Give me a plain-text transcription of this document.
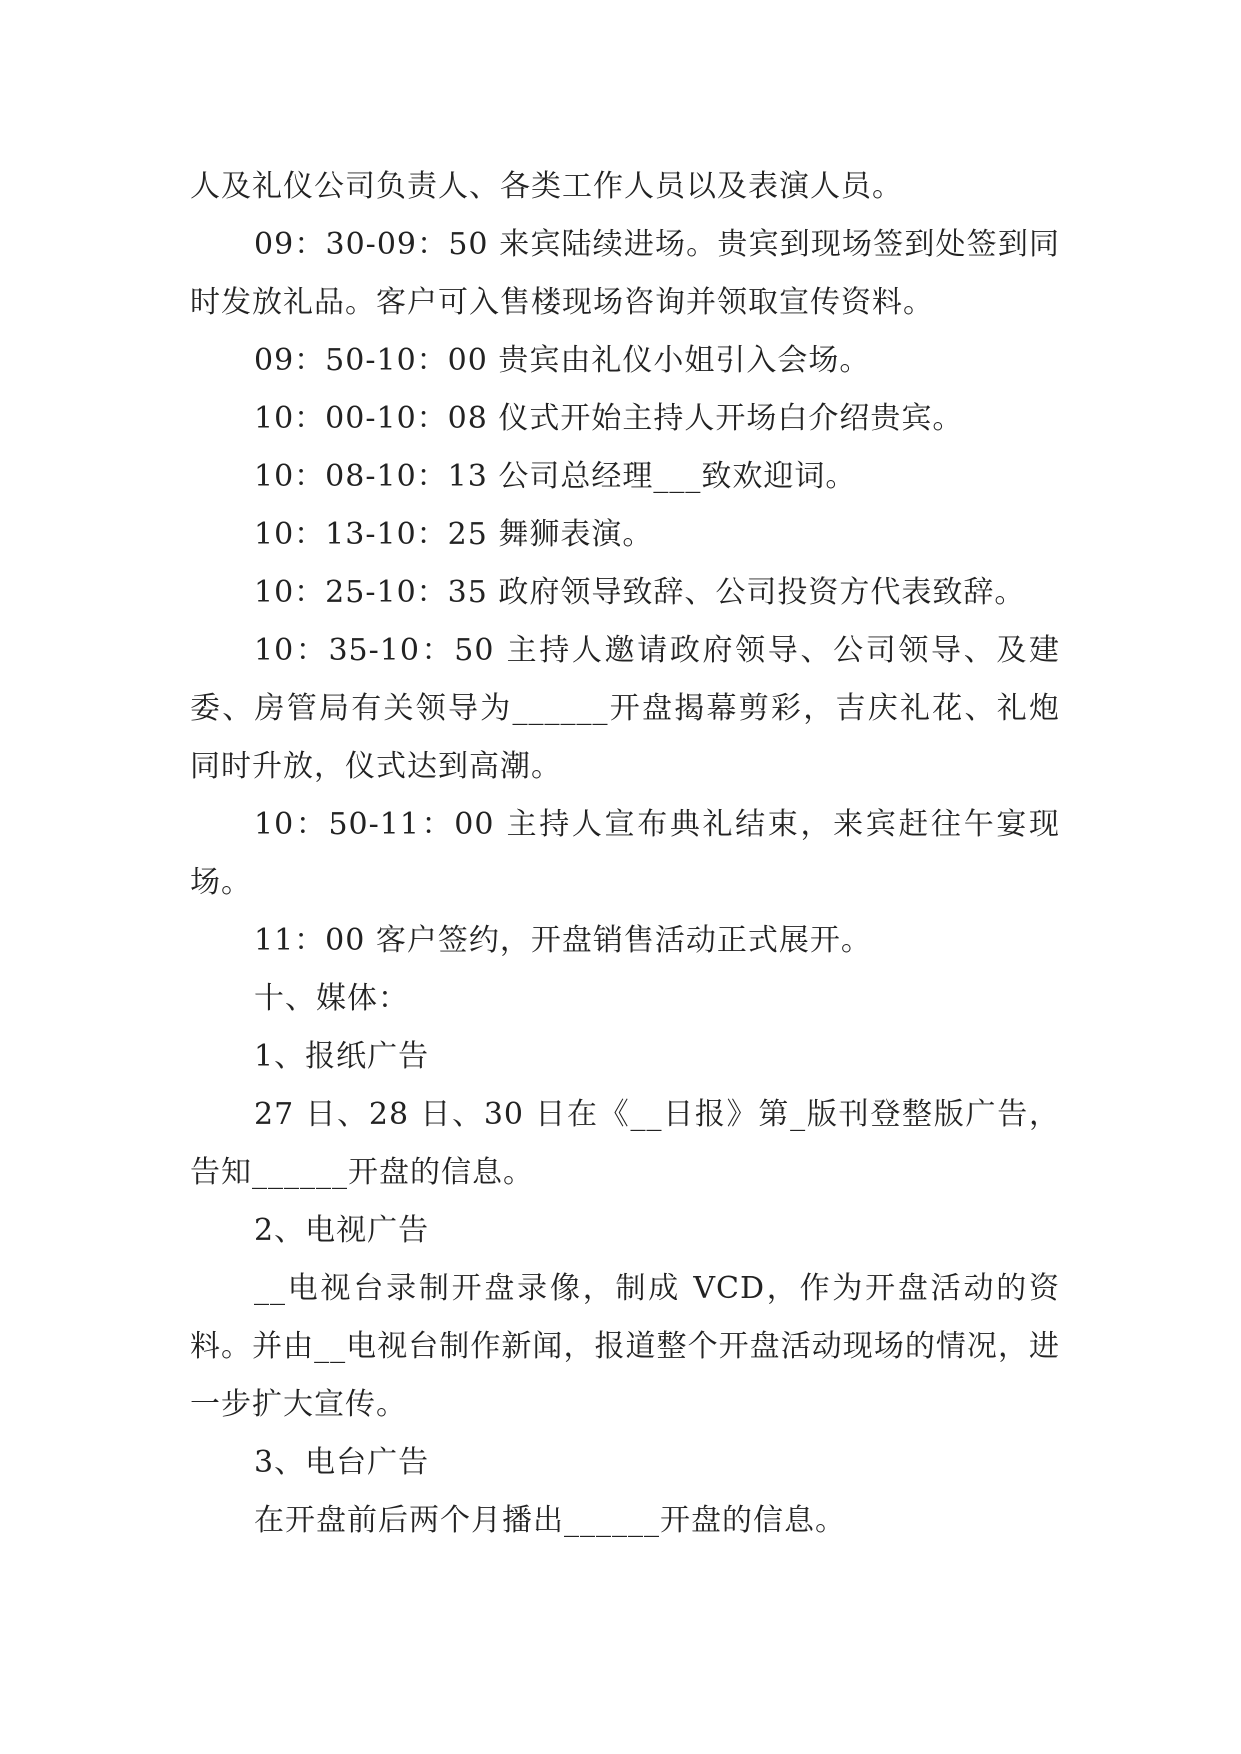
人及礼仪公司负责人、各类工作人员以及表演人员。

09：30-09：50 来宾陆续进场。贵宾到现场签到处签到同时发放礼品。客户可入售楼现场咨询并领取宣传资料。

09：50-10：00 贵宾由礼仪小姐引入会场。

10：00-10：08 仪式开始主持人开场白介绍贵宾。

10：08-10：13 公司总经理___致欢迎词。

10：13-10：25 舞狮表演。

10：25-10：35 政府领导致辞、公司投资方代表致辞。

10：35-10：50 主持人邀请政府领导、公司领导、及建委、房管局有关领导为______开盘揭幕剪彩，吉庆礼花、礼炮同时升放，仪式达到高潮。

10：50-11：00 主持人宣布典礼结束，来宾赶往午宴现场。

11：00 客户签约，开盘销售活动正式展开。

十、媒体：

1、报纸广告

27 日、28 日、30 日在《__日报》第_版刊登整版广告，告知______开盘的信息。

2、电视广告

__电视台录制开盘录像，制成 VCD，作为开盘活动的资料。并由__电视台制作新闻，报道整个开盘活动现场的情况，进一步扩大宣传。

3、电台广告

在开盘前后两个月播出______开盘的信息。
